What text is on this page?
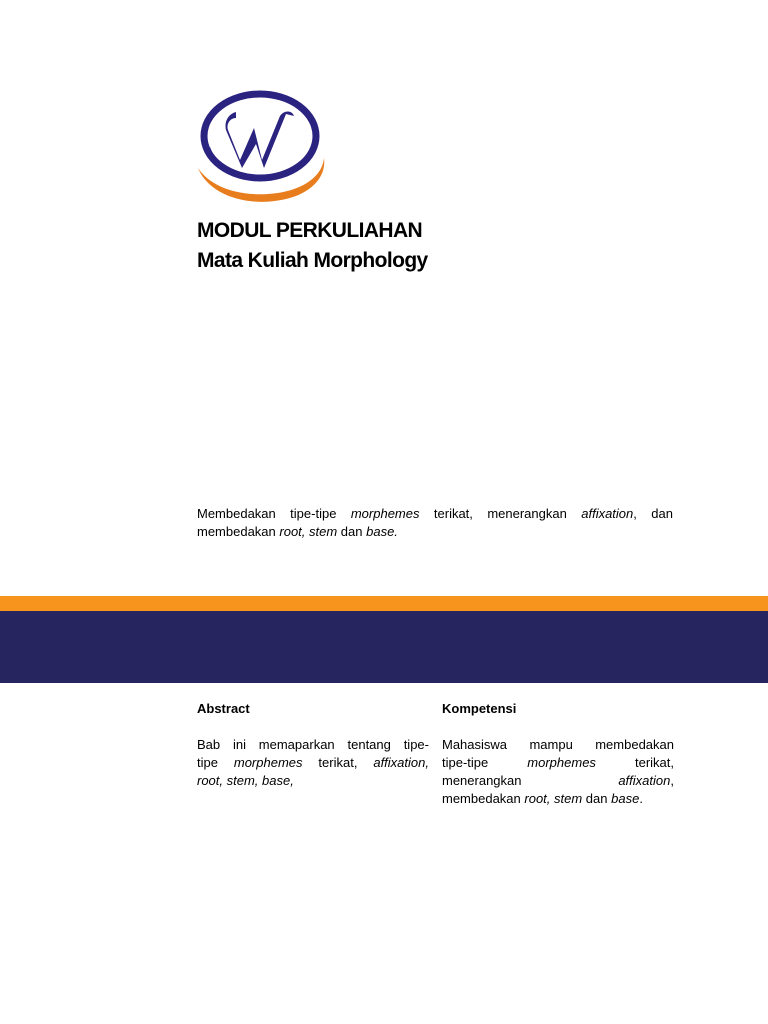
MODUL PERKULIAHAN
Mata Kuliah Morphology
Membedakan tipe-tipe morphemes terikat, menerangkan affixation, dan
membedakan root, stem dan base.
Abstract
Bab ini memaparkan tentang tipe-
tipe morphemes terikat, affixation,
root, stem, base,
Kompetensi
Mahasiswa mampu membedakan
tipe-tipe morphemes terikat,
menerangkan affixation,
membedakan root, stem dan base.
